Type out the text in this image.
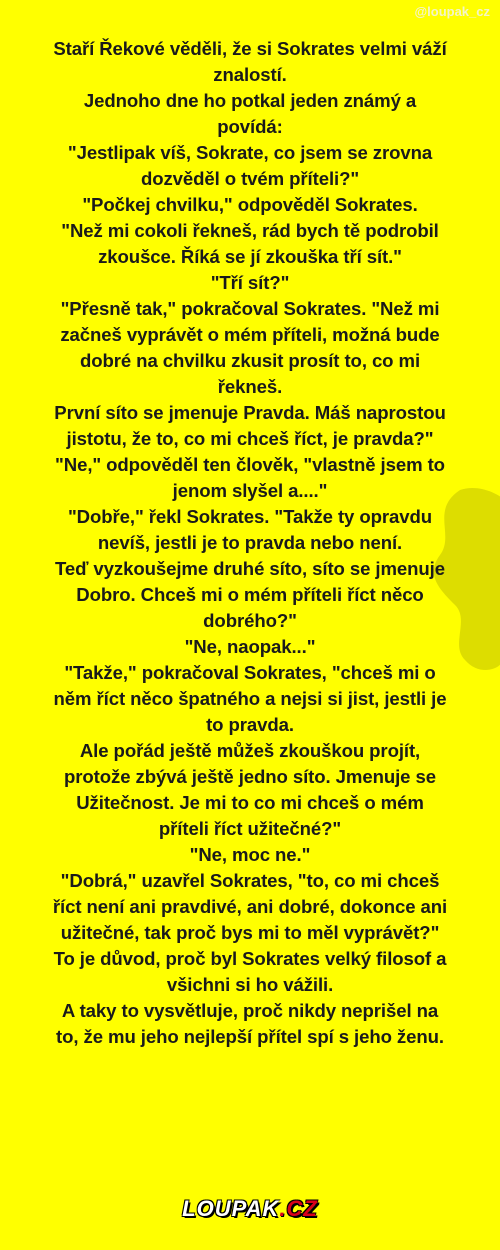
@loupak_cz
Staří Řekové věděli, že si Sokrates velmi váží
znalostí.
Jednoho dne ho potkal jeden známý a
povídá:
"Jestlipak víš, Sokrate, co jsem se zrovna
dozvěděl o tvém příteli?"
"Počkej chvilku," odpověděl Sokrates.
"Než mi cokoli řekneš, rád bych tě podrobil
zkoušce. Říká se jí zkouška tří sít."
"Tří sít?"
"Přesně tak," pokračoval Sokrates. "Než mi
začneš vyprávět o mém příteli, možná bude
dobré na chvilku zkusit prosít to, co mi
řekneš.
První síto se jmenuje Pravda. Máš naprostou
jistotu, že to, co mi chceš říct, je pravda?"
"Ne," odpověděl ten člověk, "vlastně jsem to
jenom slyšel a...."
"Dobře," řekl Sokrates. "Takže ty opravdu
nevíš, jestli je to pravda nebo není.
Teď vyzkoušejme druhé síto, síto se jmenuje
Dobro. Chceš mi o mém příteli říct něco
dobrého?"
"Ne, naopak..."
"Takže," pokračoval Sokrates, "chceš mi o
něm říct něco špatného a nejsi si jist, jestli je
to pravda.
Ale pořád ještě můžeš zkouškou projít,
protože zbývá ještě jedno síto. Jmenuje se
Užitečnost. Je mi to co mi chceš o mém
příteli říct užitečné?"
"Ne, moc ne."
"Dobrá," uzavřel Sokrates, "to, co mi chceš
říct není ani pravdivé, ani dobré, dokonce ani
užitečné, tak proč bys mi to měl vyprávět?"
To je důvod, proč byl Sokrates velký filosof a
všichni si ho vážili.
A taky to vysvětluje, proč nikdy neprišel na
to, že mu jeho nejlepší přítel spí s jeho ženu.
LOUPAK.CZ
